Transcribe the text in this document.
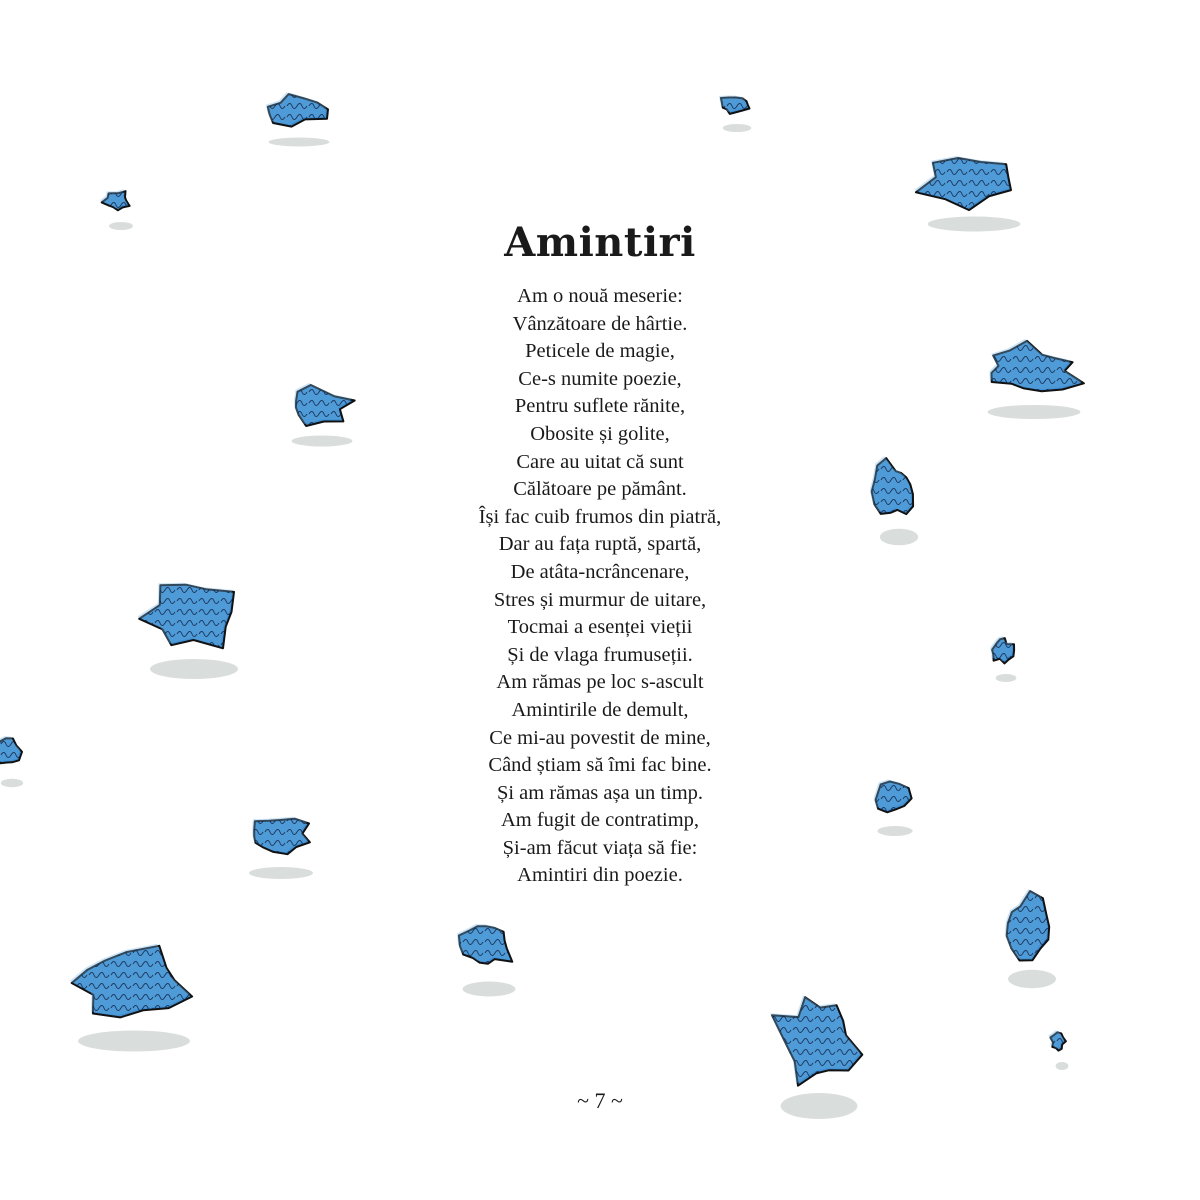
Amintiri
Am o nouă meserie:
Vânzătoare de hârtie.
Peticele de magie,
Ce-s numite poezie,
Pentru suflete rănite,
Obosite și golite,
Care au uitat că sunt
Călătoare pe pământ.
Își fac cuib frumos din piatră,
Dar au fața ruptă, spartă,
De atâta-ncrâncenare,
Stres și murmur de uitare,
Tocmai a esenței vieții
Și de vlaga frumuseții.
Am rămas pe loc s-ascult
Amintirile de demult,
Ce mi-au povestit de mine,
Când știam să îmi fac bine.
Și am rămas așa un timp.
Am fugit de contratimp,
Și-am făcut viața să fie:
Amintiri din poezie.
~ 7 ~
